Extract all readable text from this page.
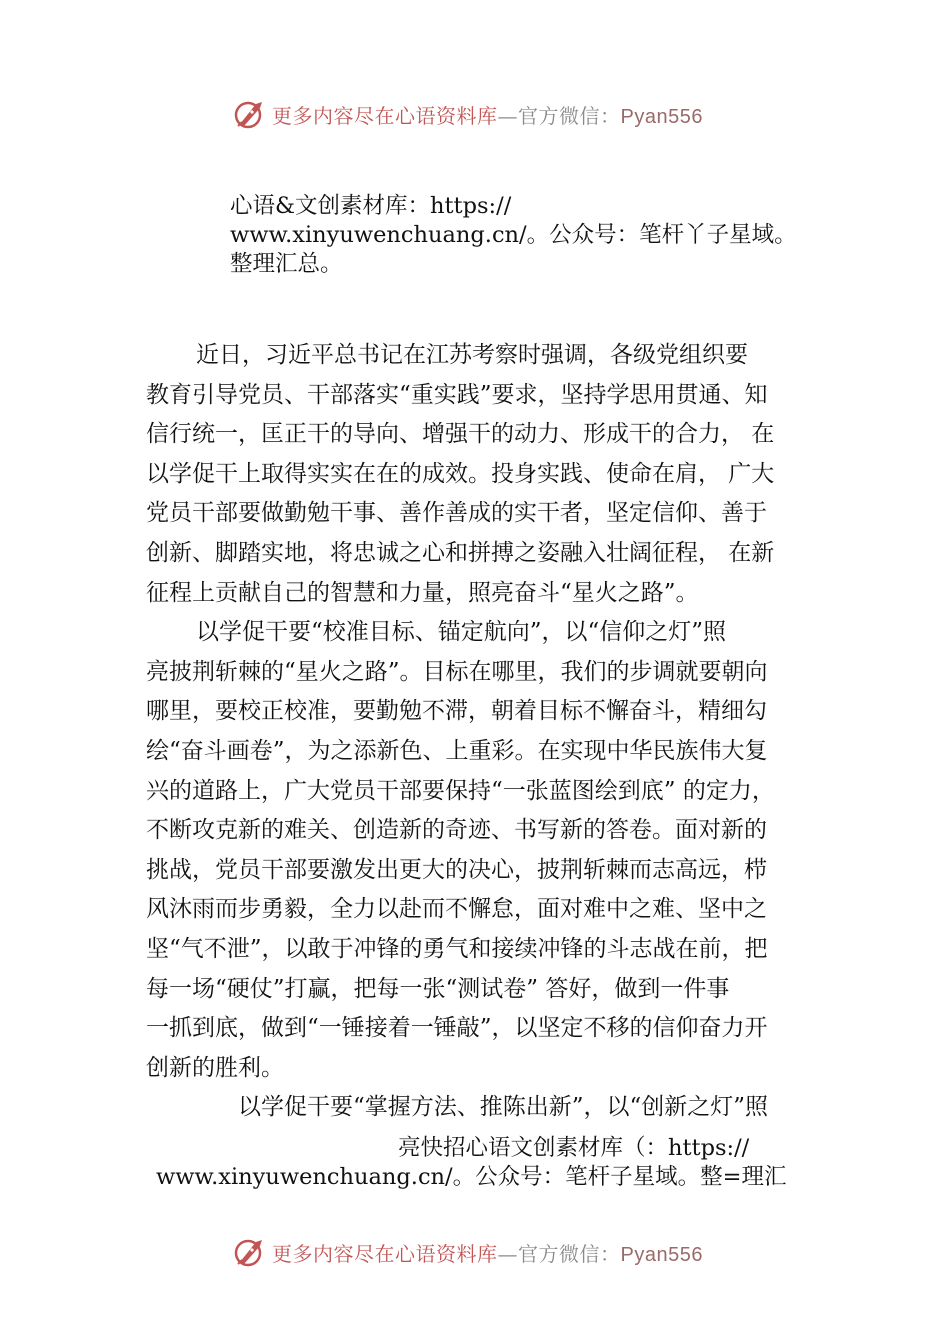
更多内容尽在心语资料库—官方微信：Pyan556
心语&文创素材库：https://
www.xinyuwenchuang.cn/。公众号：笔杆丫子星域。
整理汇总。
近日，习近平总书记在江苏考察时强调，各级党组织要
教育引导党员、干部落实“重实践”要求，坚持学思用贯通、知
信行统一，匡正干的导向、增强干的动力、形成干的合力， 在
以学促干上取得实实在在的成效。投身实践、使命在肩， 广大
党员干部要做勤勉干事、善作善成的实干者，坚定信仰、善于
创新、脚踏实地，将忠诚之心和拼搏之姿融入壮阔征程， 在新
征程上贡献自己的智慧和力量，照亮奋斗“星火之路”。
以学促干要“校准目标、锚定航向”，以“信仰之灯”照
亮披荆斩棘的“星火之路”。目标在哪里，我们的步调就要朝向
哪里，要校正校准，要勤勉不滞，朝着目标不懈奋斗，精细勾
绘“奋斗画卷”，为之添新色、上重彩。在实现中华民族伟大复
兴的道路上，广大党员干部要保持“一张蓝图绘到底” 的定力，
不断攻克新的难关、创造新的奇迹、书写新的答卷。面对新的
挑战，党员干部要激发出更大的决心，披荆斩棘而志高远，栉
风沐雨而步勇毅，全力以赴而不懈怠，面对难中之难、坚中之
坚“气不泄”，以敢于冲锋的勇气和接续冲锋的斗志战在前，把
每一场“硬仗”打赢，把每一张“测试卷” 答好，做到一件事
一抓到底，做到“一锤接着一锤敲”，以坚定不移的信仰奋力开
创新的胜利。
以学促干要“掌握方法、推陈出新”，以“创新之灯”照
亮快招心语文创素材库（：https://
www.xinyuwenchuang.cn/。公众号：笔杆子星域。整=理汇
更多内容尽在心语资料库—官方微信：Pyan556
